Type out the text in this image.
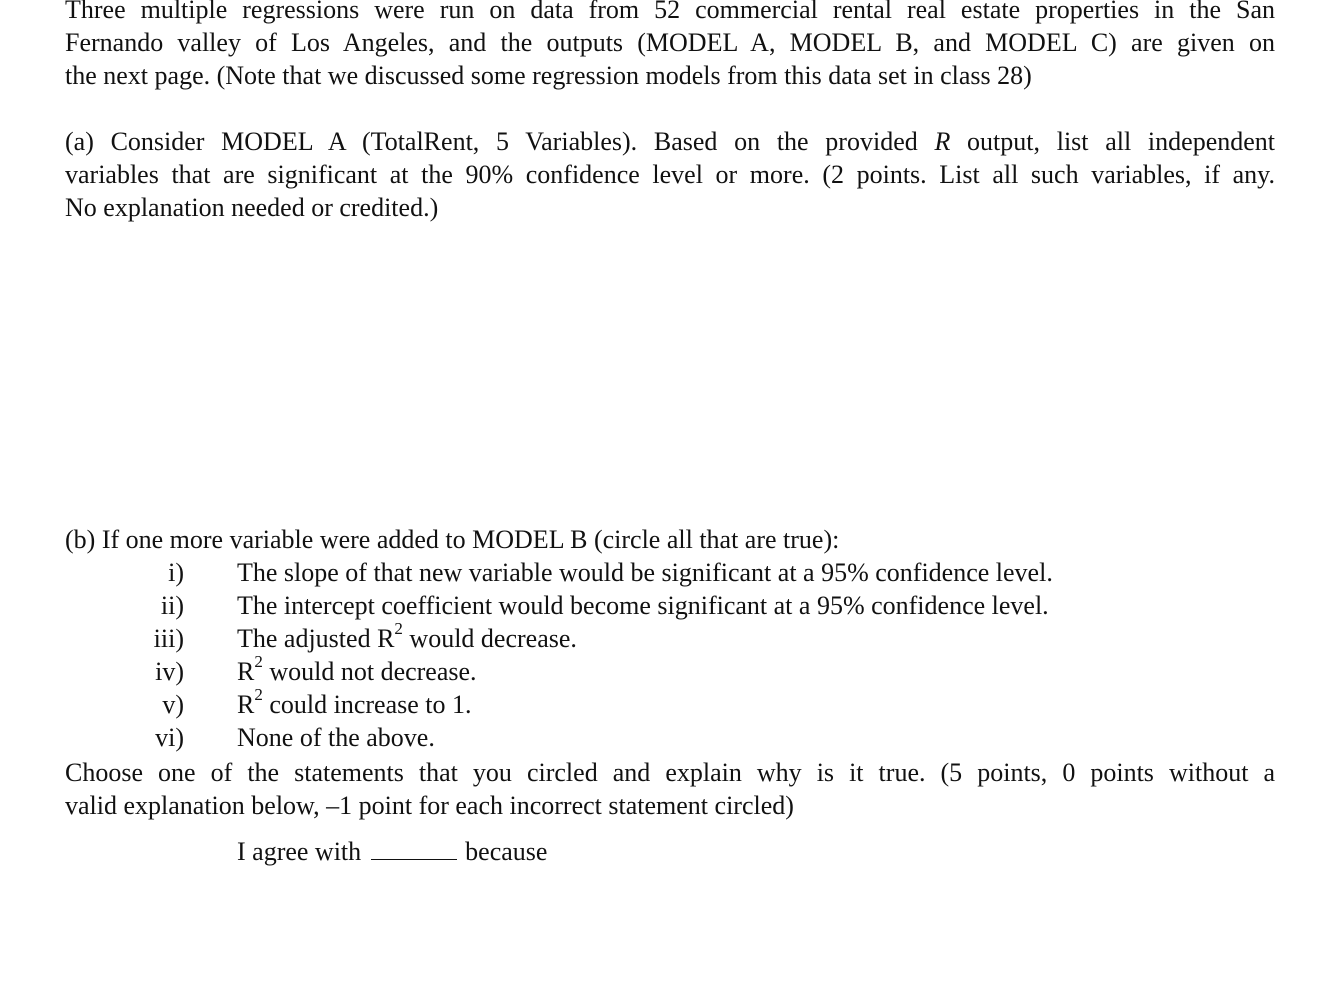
Three multiple regressions were run on data from 52 commercial rental real estate properties in the San
Fernando valley of Los Angeles, and the outputs (MODEL A, MODEL B, and MODEL C) are given on
the next page. (Note that we discussed some regression models from this data set in class 28)
(a) Consider MODEL A (TotalRent, 5 Variables). Based on the provided R output, list all independent
variables that are significant at the 90% confidence level or more. (2 points. List all such variables, if any.
No explanation needed or credited.)
(b) If one more variable were added to MODEL B (circle all that are true):
i) The slope of that new variable would be significant at a 95% confidence level.
ii) The intercept coefficient would become significant at a 95% confidence level.
iii) The adjusted $R^2$ would decrease.
iv) $R^2$ would not decrease.
v) $R^2$ could increase to 1.
vi) None of the above.
Choose one of the statements that you circled and explain why is it true. (5 points, 0 points without a
valid explanation below, –1 point for each incorrect statement circled)
I agree with	because
